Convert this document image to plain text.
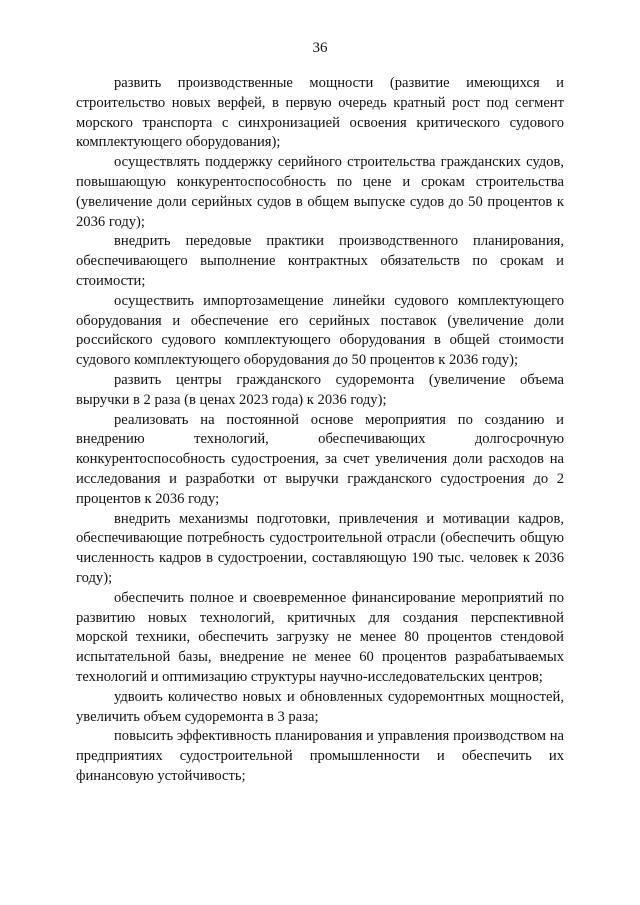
36

развить производственные мощности (развитие имеющихся и строительство новых верфей, в первую очередь кратный рост под сегмент морского транспорта с синхронизацией освоения критического судового комплектующего оборудования);

осуществлять поддержку серийного строительства гражданских судов, повышающую конкурентоспособность по цене и срокам строительства (увеличение доли серийных судов в общем выпуске судов до 50 процентов к 2036 году);

внедрить передовые практики производственного планирования, обеспечивающего выполнение контрактных обязательств по срокам и стоимости;

осуществить импортозамещение линейки судового комплектующего оборудования и обеспечение его серийных поставок (увеличение доли российского судового комплектующего оборудования в общей стоимости судового комплектующего оборудования до 50 процентов к 2036 году);

развить центры гражданского судоремонта (увеличение объема выручки в 2 раза (в ценах 2023 года) к 2036 году);

реализовать на постоянной основе мероприятия по созданию и внедрению технологий, обеспечивающих долгосрочную конкурентоспособность судостроения, за счет увеличения доли расходов на исследования и разработки от выручки гражданского судостроения до 2 процентов к 2036 году;

внедрить механизмы подготовки, привлечения и мотивации кадров, обеспечивающие потребность судостроительной отрасли (обеспечить общую численность кадров в судостроении, составляющую 190 тыс. человек к 2036 году);

обеспечить полное и своевременное финансирование мероприятий по развитию новых технологий, критичных для создания перспективной морской техники, обеспечить загрузку не менее 80 процентов стендовой испытательной базы, внедрение не менее 60 процентов разрабатываемых технологий и оптимизацию структуры научно-исследовательских центров;

удвоить количество новых и обновленных судоремонтных мощностей, увеличить объем судоремонта в 3 раза;

повысить эффективность планирования и управления производством на предприятиях судостроительной промышленности и обеспечить их финансовую устойчивость;
